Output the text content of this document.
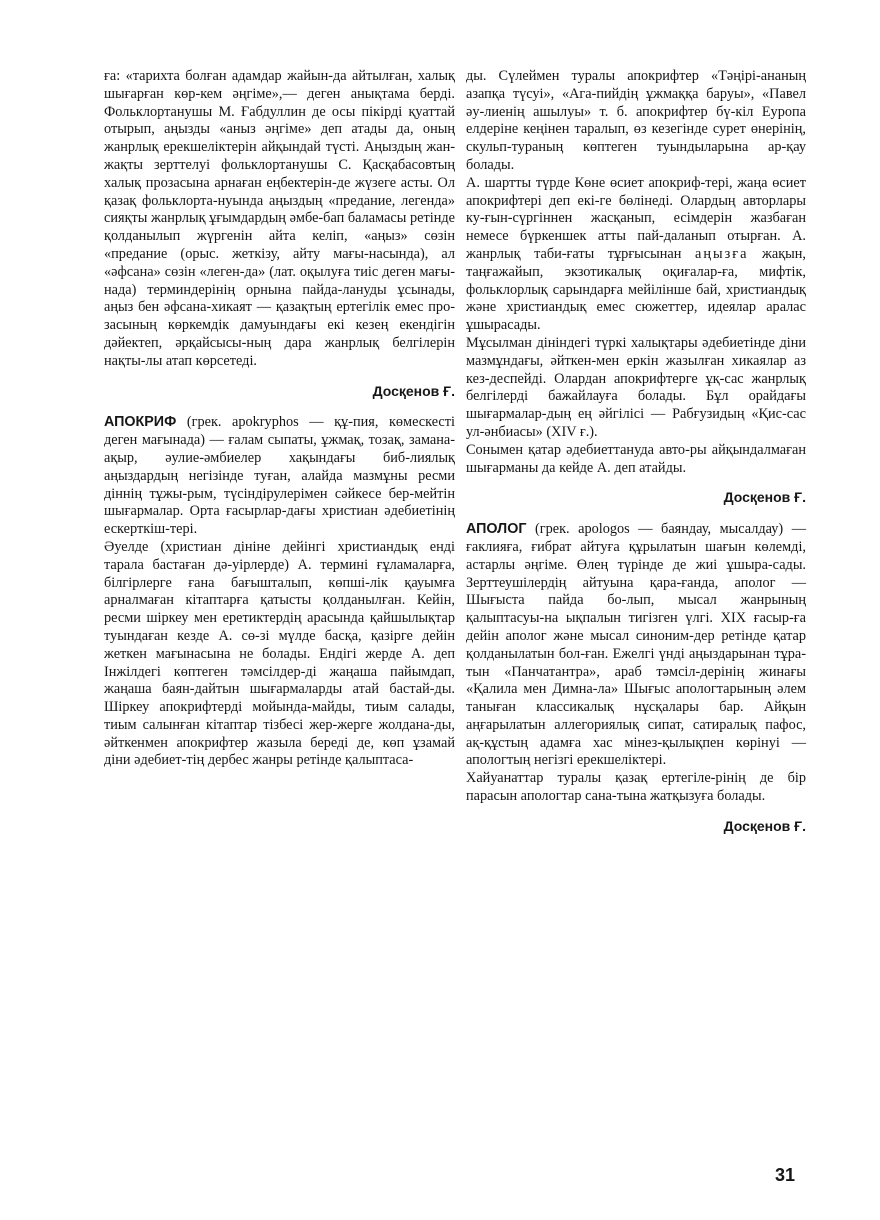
ға: «тарихта болған адамдар жайын-да айтылған, халық шығарған көр-кем әңгіме»,— деген анықтама берді. Фольклортанушы М. Ғабдуллин де осы пікірді қуаттай отырып, аңызды «аныз әңгіме» деп атады да, оның жанрлық ерекшеліктерін айқындай түсті. Аңыздың жан-жақты зерттелуі фольклортанушы С. Қасқабасовтың халық прозасына арнаған еңбектерін-де жүзеге асты. Ол қазақ фольклорта-нуында аңыздың «предание, легенда» сияқты жанрлық ұғымдардың әмбе-бап баламасы ретінде қолданылып жүргенін айта келіп, «аңыз» сөзін «предание (орыс. жеткізу, айту мағы-насында), ал «әфсана» сөзін «леген-да» (лат. оқылуға тиіс деген мағы-нада) терминдерінің орнына пайда-лануды ұсынады, аңыз бен әфсана-хикаят — қазақтың ертегілік емес про-засының көркемдік дамуындағы екі кезең екендігін дәйектеп, әрқайсысы-ның дара жанрлық белгілерін нақты-лы атап көрсетеді.

Досқенов Ғ.

АПОКРИФ (грек. apokryphos — құ-пия, көмескесті деген мағынада) — ғалам сыпаты, ұжмақ, тозақ, замана-ақыр, әулие-әмбиелер хақындағы биб-лиялық аңыздардың негізінде туған, алайда мазмұны ресми діннің тұжы-рым, түсіндірулерімен сәйкесе бер-мейтін шығармалар. Орта ғасырлар-дағы христиан әдебиетінің ескерткіш-тері.

Әуелде (христиан дініне дейінгі христиандық енді тарала бастаған дә-уірлерде) А. термині ғұламаларға, білгірлерге ғана бағышталып, көпші-лік қауымға арналмаған кітаптарға қатысты қолданылған. Кейін, ресми шіркеу мен еретиктердің арасында қайшылықтар туындаған кезде А. сө-зі мүлде басқа, қазірге дейін жеткен мағынасына не болады. Ендігі жерде А. деп Інжілдегі көптеген тәмсілдер-ді жаңаша пайымдап, жаңаша баян-дайтын шығармаларды атай бастай-ды. Шіркеу апокрифтерді мойында-майды, тиым салады, тиым салынған кітаптар тізбесі жер-жерге жолдана-ды, әйткенмен апокрифтер жазыла береді де, көп ұзамай діни әдебиет-тің дербес жанры ретінде қалыптаса-

ды. Сүлеймен туралы апокрифтер «Тәңірі-ананың азапқа түсуі», «Ага-пийдің ұжмаққа баруы», «Павел әу-лиенің ашылуы» т. б. апокрифтер бү-кіл Еуропа елдеріне кеңінен таралып, өз кезегінде сурет өнерінің, скульп-тураның көптеген туындыларына ар-қау болады.

А. шартты түрде Көне өсиет апокриф-тері, жаңа өсиет апокрифтері деп екі-ге бөлінеді. Олардың авторлары ку-ғын-сүргіннен жасқанып, есімдерін жазбаған немесе бүркеншек атты пай-даланып отырған. А. жанрлық таби-ғаты тұрғысынан аңызға жақын, таңғажайып, экзотикалық оқиғалар-ға, мифтік, фольклорлық сарындарға мейілінше бай, христиандық және христиандық емес сюжеттер, идеялар аралас ұшырасады.

Мұсылман дініндегі түркі халықтары әдебиетінде діни мазмұндағы, әйткен-мен еркін жазылған хикаялар аз кез-деспейді. Олардан апокрифтерге ұқ-сас жанрлық белгілерді бажайлауға болады. Бұл орайдағы шығармалар-дың ең әйгілісі — Рабғузидың «Қис-сас ул-әнбиасы» (XIV ғ.).

Сонымен қатар әдебиеттануда авто-ры айқындалмаған шығарманы да кейде А. деп атайды.

Досқенов Ғ.

АПОЛОГ (грек. apologos — баяндау, мысалдау) — ғаклияға, ғибрат айтуға құрылатын шағын көлемді, астарлы әңгіме. Өлең түрінде де жиі ұшыра-сады. Зерттеушілердің айтуына қара-ғанда, аполог — Шығыста пайда бо-лып, мысал жанрының қалыптасуы-на ықпалын тигізген үлгі. XIX ғасыр-ға дейін аполог және мысал синоним-дер ретінде қатар қолданылатын бол-ған. Ежелгі үнді аңыздарынан тұра-тын «Панчатантра», араб тәмсіл-дерінің жинағы «Қалила мен Димна-ла» Шығыс апологтарының әлем таныған классикалық нұсқалары бар. Айқын аңғарылатын аллегориялық сипат, сатиралық пафос, ақ-құстың адамға хас мінез-қылықпен көрінуі — апологтың негізгі ерекшеліктері.

Хайуанаттар туралы қазақ ертегіле-рінің де бір парасын апологтар сана-тына жатқызуға болады.

Досқенов Ғ.

31
